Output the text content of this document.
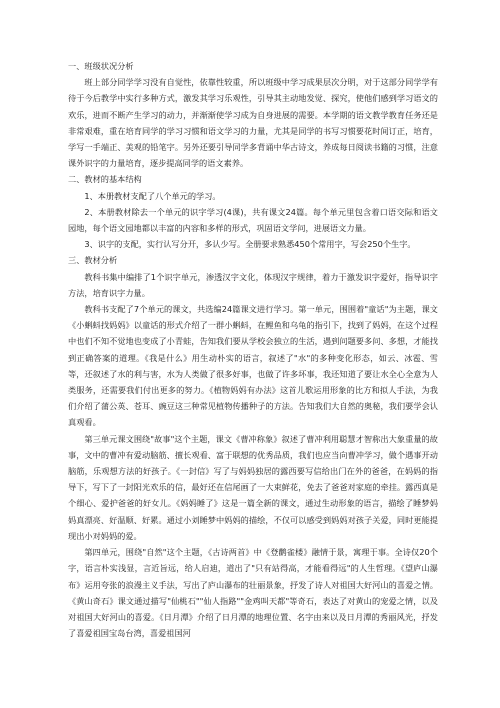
一、班级状况分析

班上部分同学学习没有自觉性，依靠性较重，所以班级中学习成果层次分明，对于这部分同学学有待于今后教学中实行多种方式，激发其学习乐观性，引导其主动地发觉、探究，使他们感到学习语文的欢乐，进而不断产生学习的动力，并渐渐使学习成为自身进展的需要。本学期的语文教学教育任务还是非常艰难，重在培育同学的学习习惯和语文学习的力量，尤其是同学的书写习惯要花时间订正，培育，学写一手端正、美观的铅笔字。另外还要引导同学多背诵中华古诗文，养成每日阅读书籍的习惯，注意课外识字的力量培育，逐步提高同学的语文素养。

二、教材的基本结构

1、本册教材支配了八个单元的学习。

2、本册教材除去一个单元的识字学习(4课)，共有课文24篇。每个单元里包含着口语交际和语文园地，每个语文园地都以丰富的内容和多样的形式，巩固语文学问，进展语文力量。

3、识字的支配，实行认写分开，多认少写。全册要求熟悉450个常用字，写会250个生字。

三、教材分析

教科书集中编排了1个识字单元，渗透汉字文化，体现汉字规律，着力于激发识字爱好，指导识字方法，培育识字力量。

教科书支配了7个单元的课文，共选编24篇课文进行学习。第一单元，围围着"童话"为主题，课文《小蝌蚪找妈妈》以童话的形式介绍了一群小蝌蚪，在鲤鱼和乌龟的指引下，找到了妈妈，在这个过程中也们不知不觉地也变成了小青蛙，告知我们要从学校会独立的生活，遇到问题要多问、多想，才能找到正确答案的道理。《我是什么》用生动朴实的语言，叙述了"水"的多种变化形态，如云、冰雹、雪等，还叙述了水的利与害，水为人类做了很多好事，也做了许多坏事，我还知道了要让水全心全意为人类服务，还需要我们付出更多的努力。《植物妈妈有办法》这首儿歌运用形象的比方和拟人手法，为我们介绍了蒲公英、苍耳、豌豆这三种常见植物传播种子的方法。告知我们大自然的奥秘，我们要学会认真观看。

第三单元课文围绕"故事"这个主题，课文《曹冲称象》叙述了曹冲利用聪慧才智称出大象重量的故事，文中的曹冲有爱动脑筋、擅长观看、富于联想的优秀品质，我们也应当向曹冲学习，做个遇事开动脑筋，乐观想方法的好孩子。《一封信》写了与妈妈独居的露西要写信给出门在外的爸爸，在妈妈的指导下，写下了一封阳光欢乐的信，最好还在信尾画了一大束鲜花，免去了爸爸对家庭的牵挂。露西真是个细心、爱护爸爸的好女儿。《妈妈睡了》这是一篇全新的课文，通过生动形象的语言，描绘了睡梦妈妈真漂亮、好温顺、好累。通过小刘睡梦中妈妈的描绘，不仅可以感受到妈妈对孩子关爱，同时更能提现出小对妈妈的爱。

第四单元，围绕"自然"这个主题，《古诗两首》中《登鹳雀楼》融情于景，寓理于事。全诗仅20个字，语言朴实浅显，言近旨远，给人启迪，道出了"只有站得高，才能看得远"的人生哲理。《望庐山瀑布》运用夸张的浪漫主义手法，写出了庐山瀑布的壮丽景象，抒发了诗人对祖国大好河山的喜爱之情。《黄山奇石》课文通过描写"仙桃石""仙人指路""金鸡叫天都"等奇石，表达了对黄山的宠爱之情，以及对祖国大好河山的喜爱。《日月潭》介绍了日月潭的地理位置、名字由来以及日月潭的秀丽风光，抒发了喜爱祖国宝岛台湾，喜爱祖国河
